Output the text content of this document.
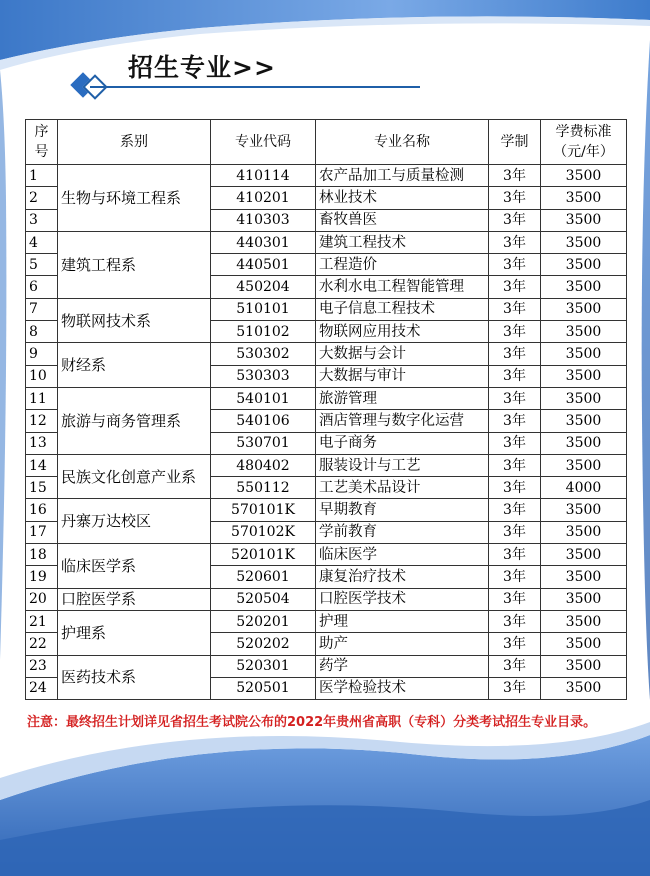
招生专业>>
序号	系别	专业代码	专业名称	学制	学费标准
（元/年）

1	生物与环境工程系	410114	农产品加工与质量检测	3年	3500
2		410201	林业技术	3年	3500
3		410303	畜牧兽医	3年	3500
4	建筑工程系	440301	建筑工程技术	3年	3500
5		440501	工程造价	3年	3500
6		450204	水利水电工程智能管理	3年	3500
7	物联网技术系	510101	电子信息工程技术	3年	3500
8		510102	物联网应用技术	3年	3500
9	财经系	530302	大数据与会计	3年	3500
10		530303	大数据与审计	3年	3500
11	旅游与商务管理系	540101	旅游管理	3年	3500
12		540106	酒店管理与数字化运营	3年	3500
13		530701	电子商务	3年	3500
14	民族文化创意产业系	480402	服装设计与工艺	3年	3500
15		550112	工艺美术品设计	3年	4000
16	丹寨万达校区	570101K	早期教育	3年	3500
17		570102K	学前教育	3年	3500
18	临床医学系	520101K	临床医学	3年	3500
19		520601	康复治疗技术	3年	3500
20	口腔医学系	520504	口腔医学技术	3年	3500
21	护理系	520201	护理	3年	3500
22		520202	助产	3年	3500
23	医药技术系	520301	药学	3年	3500
24		520501	医学检验技术	3年	3500
注意：最终招生计划详见省招生考试院公布的2022年贵州省高职（专科）分类考试招生专业目录。
